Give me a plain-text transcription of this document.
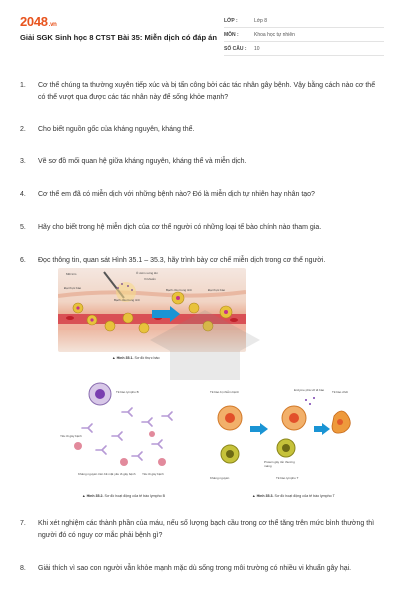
2048.vn
Giải SGK Sinh học 8 CTST Bài 35: Miễn dịch có đáp án
LỚP :	Lớp 8
MÔN :	Khoa học tự nhiên
SỐ CÂU :	10
1.	Cơ thể chúng ta thường xuyên tiếp xúc và bị tấn công bởi các tác nhân gây bệnh. Vậy bằng cách nào cơ thể có thể vượt qua được các tác nhân này để sống khỏe mạnh?
2.	Cho biết nguồn gốc của kháng nguyên, kháng thể.
3.	Vẽ sơ đồ mối quan hệ giữa kháng nguyên, kháng thể và miễn dịch.
4.	Cơ thể em đã có miễn dịch với những bệnh nào? Đó là miễn dịch tự nhiên hay nhân tạo?
5.	Hãy cho biết trong hệ miễn dịch của cơ thể người có những loại tế bào chính nào tham gia.
6.	Đọc thông tin, quan sát Hình 35.1 – 35.3, hãy trình bày cơ chế miễn dịch trong cơ thể người.
Mũi kim	Ổ viêm sưng lên
Vi khuẩn
Đại thực bào
Bạch cầu trung tính
Bạch cầu trung tính	Đại thực bào
▲ Hình 35.1. Sơ đồ thực bào
Tế bào lympho B
Yếu tố gây bệnh
Kháng nguyên trên bề mặt yếu tố gây bệnh	Yếu tố gây bệnh
▲ Hình 35.2. Sơ đồ hoạt động của tế bào lympho B
Tế bào bị nhiễm bệnh	Enzyme phá vỡ tế bào	Tế bào chết
Protein gây tổn thương màng
Kháng nguyên	Tế bào lympho T
▲ Hình 35.3. Sơ đồ hoạt động của tế bào lympho T
7.	Khi xét nghiệm các thành phần của máu, nếu số lượng bạch cầu trong cơ thể tăng trên mức bình thường thì người đó có nguy cơ mắc phải bệnh gì?
8.	Giải thích vì sao con người vẫn khỏe mạnh mặc dù sống trong môi trường có nhiều vi khuẩn gây hại.
